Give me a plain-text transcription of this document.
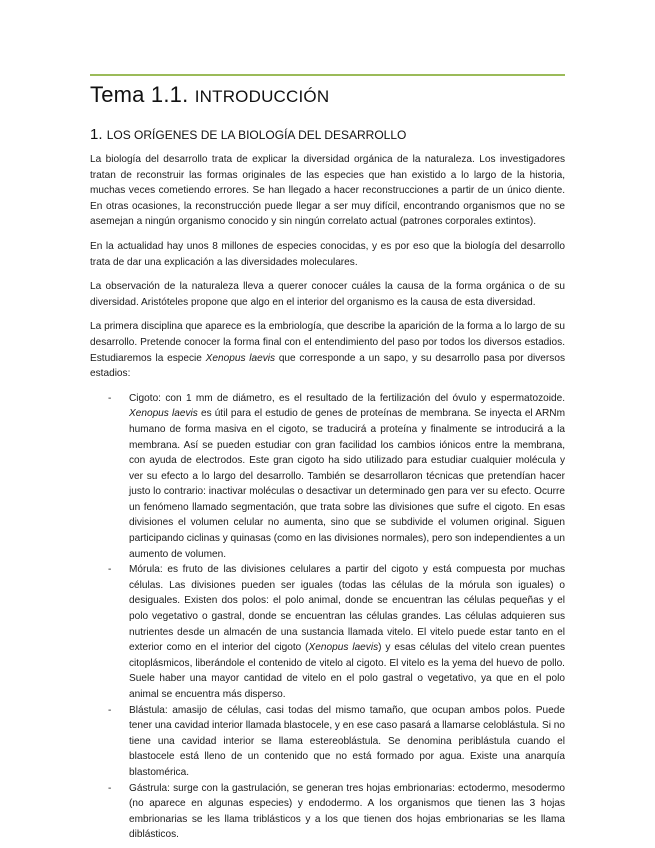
Tema 1.1. INTRODUCCIÓN
1. LOS ORÍGENES DE LA BIOLOGÍA DEL DESARROLLO

La biología del desarrollo trata de explicar la diversidad orgánica de la naturaleza. Los investigadores tratan de reconstruir las formas originales de las especies que han existido a lo largo de la historia, muchas veces cometiendo errores. Se han llegado a hacer reconstrucciones a partir de un único diente. En otras ocasiones, la reconstrucción puede llegar a ser muy difícil, encontrando organismos que no se asemejan a ningún organismo conocido y sin ningún correlato actual (patrones corporales extintos).

En la actualidad hay unos 8 millones de especies conocidas, y es por eso que la biología del desarrollo trata de dar una explicación a las diversidades moleculares.

La observación de la naturaleza lleva a querer conocer cuáles la causa de la forma orgánica o de su diversidad. Aristóteles propone que algo en el interior del organismo es la causa de esta diversidad.

La primera disciplina que aparece es la embriología, que describe la aparición de la forma a lo largo de su desarrollo. Pretende conocer la forma final con el entendimiento del paso por todos los diversos estadios. Estudiaremos la especie Xenopus laevis que corresponde a un sapo, y su desarrollo pasa por diversos estadios:

- Cigoto: con 1 mm de diámetro, es el resultado de la fertilización del óvulo y espermatozoide. Xenopus laevis es útil para el estudio de genes de proteínas de membrana. Se inyecta el ARNm humano de forma masiva en el cigoto, se traducirá a proteína y finalmente se introducirá a la membrana. Así se pueden estudiar con gran facilidad los cambios iónicos entre la membrana, con ayuda de electrodos. Este gran cigoto ha sido utilizado para estudiar cualquier molécula y ver su efecto a lo largo del desarrollo. También se desarrollaron técnicas que pretendían hacer justo lo contrario: inactivar moléculas o desactivar un determinado gen para ver su efecto. Ocurre un fenómeno llamado segmentación, que trata sobre las divisiones que sufre el cigoto. En esas divisiones el volumen celular no aumenta, sino que se subdivide el volumen original. Siguen participando ciclinas y quinasas (como en las divisiones normales), pero son independientes a un aumento de volumen.
- Mórula: es fruto de las divisiones celulares a partir del cigoto y está compuesta por muchas células. Las divisiones pueden ser iguales (todas las células de la mórula son iguales) o desiguales. Existen dos polos: el polo animal, donde se encuentran las células pequeñas y el polo vegetativo o gastral, donde se encuentran las células grandes. Las células adquieren sus nutrientes desde un almacén de una sustancia llamada vitelo. El vitelo puede estar tanto en el exterior como en el interior del cigoto (Xenopus laevis) y esas células del vitelo crean puentes citoplásmicos, liberándole el contenido de vitelo al cigoto. El vitelo es la yema del huevo de pollo. Suele haber una mayor cantidad de vitelo en el polo gastral o vegetativo, ya que en el polo animal se encuentra más disperso.
- Blástula: amasijo de células, casi todas del mismo tamaño, que ocupan ambos polos. Puede tener una cavidad interior llamada blastocele, y en ese caso pasará a llamarse celoblástula. Si no tiene una cavidad interior se llama estereoblástula. Se denomina periblástula cuando el blastocele está lleno de un contenido que no está formado por agua. Existe una anarquía blastomérica.
- Gástrula: surge con la gastrulación, se generan tres hojas embrionarias: ectodermo, mesodermo (no aparece en algunas especies) y endodermo. A los organismos que tienen las 3 hojas embrionarias se les llama triblásticos y a los que tienen dos hojas embrionarias se les llama diblásticos.
